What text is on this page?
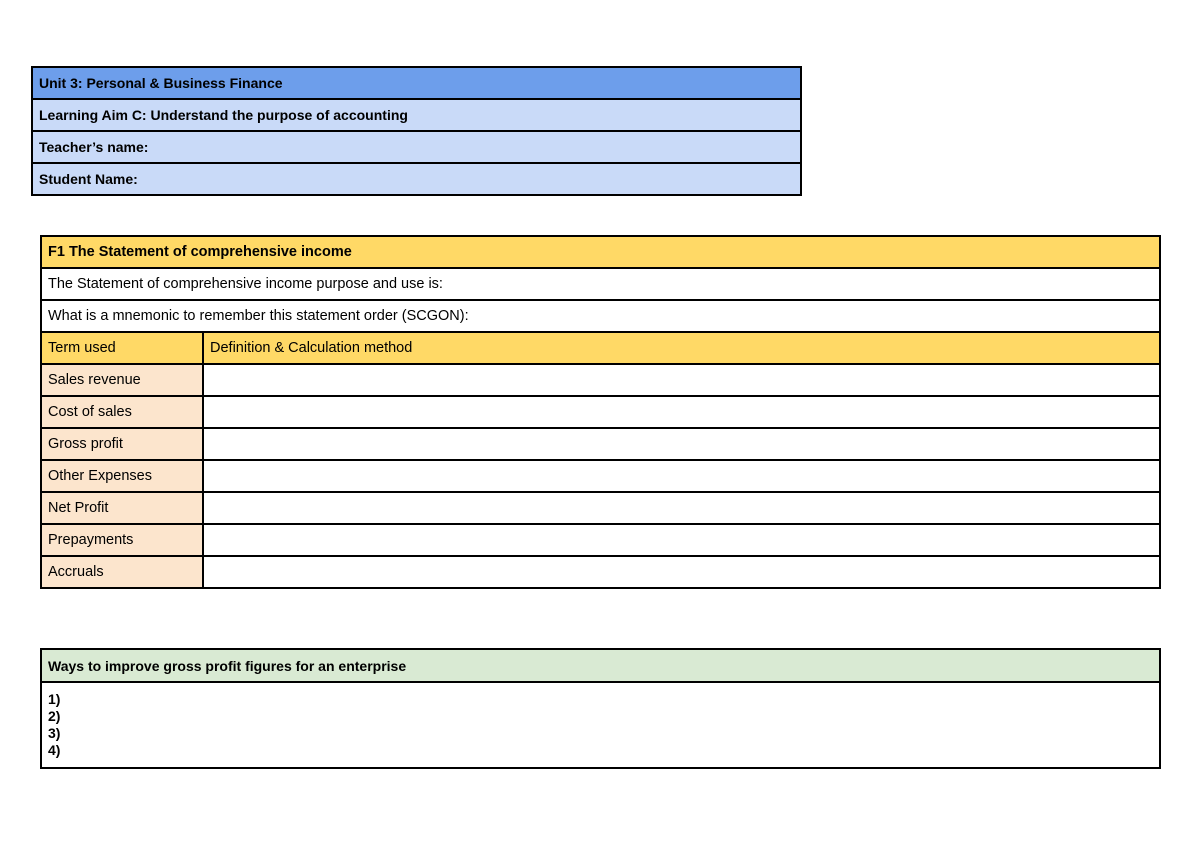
Unit 3: Personal & Business Finance
Learning Aim C: Understand the purpose of accounting
Teacher’s name:
Student Name:
F1 The Statement of comprehensive income	
The Statement of comprehensive income purpose and use is:	
What is a mnemonic to remember this statement order (SCGON):	
Term used	Definition & Calculation method
Sales revenue	
Cost of sales	
Gross profit	
Other Expenses	
Net Profit	
Prepayments	
Accruals	
Ways to improve gross profit figures for an enterprise

1)
2)
3)
4)
